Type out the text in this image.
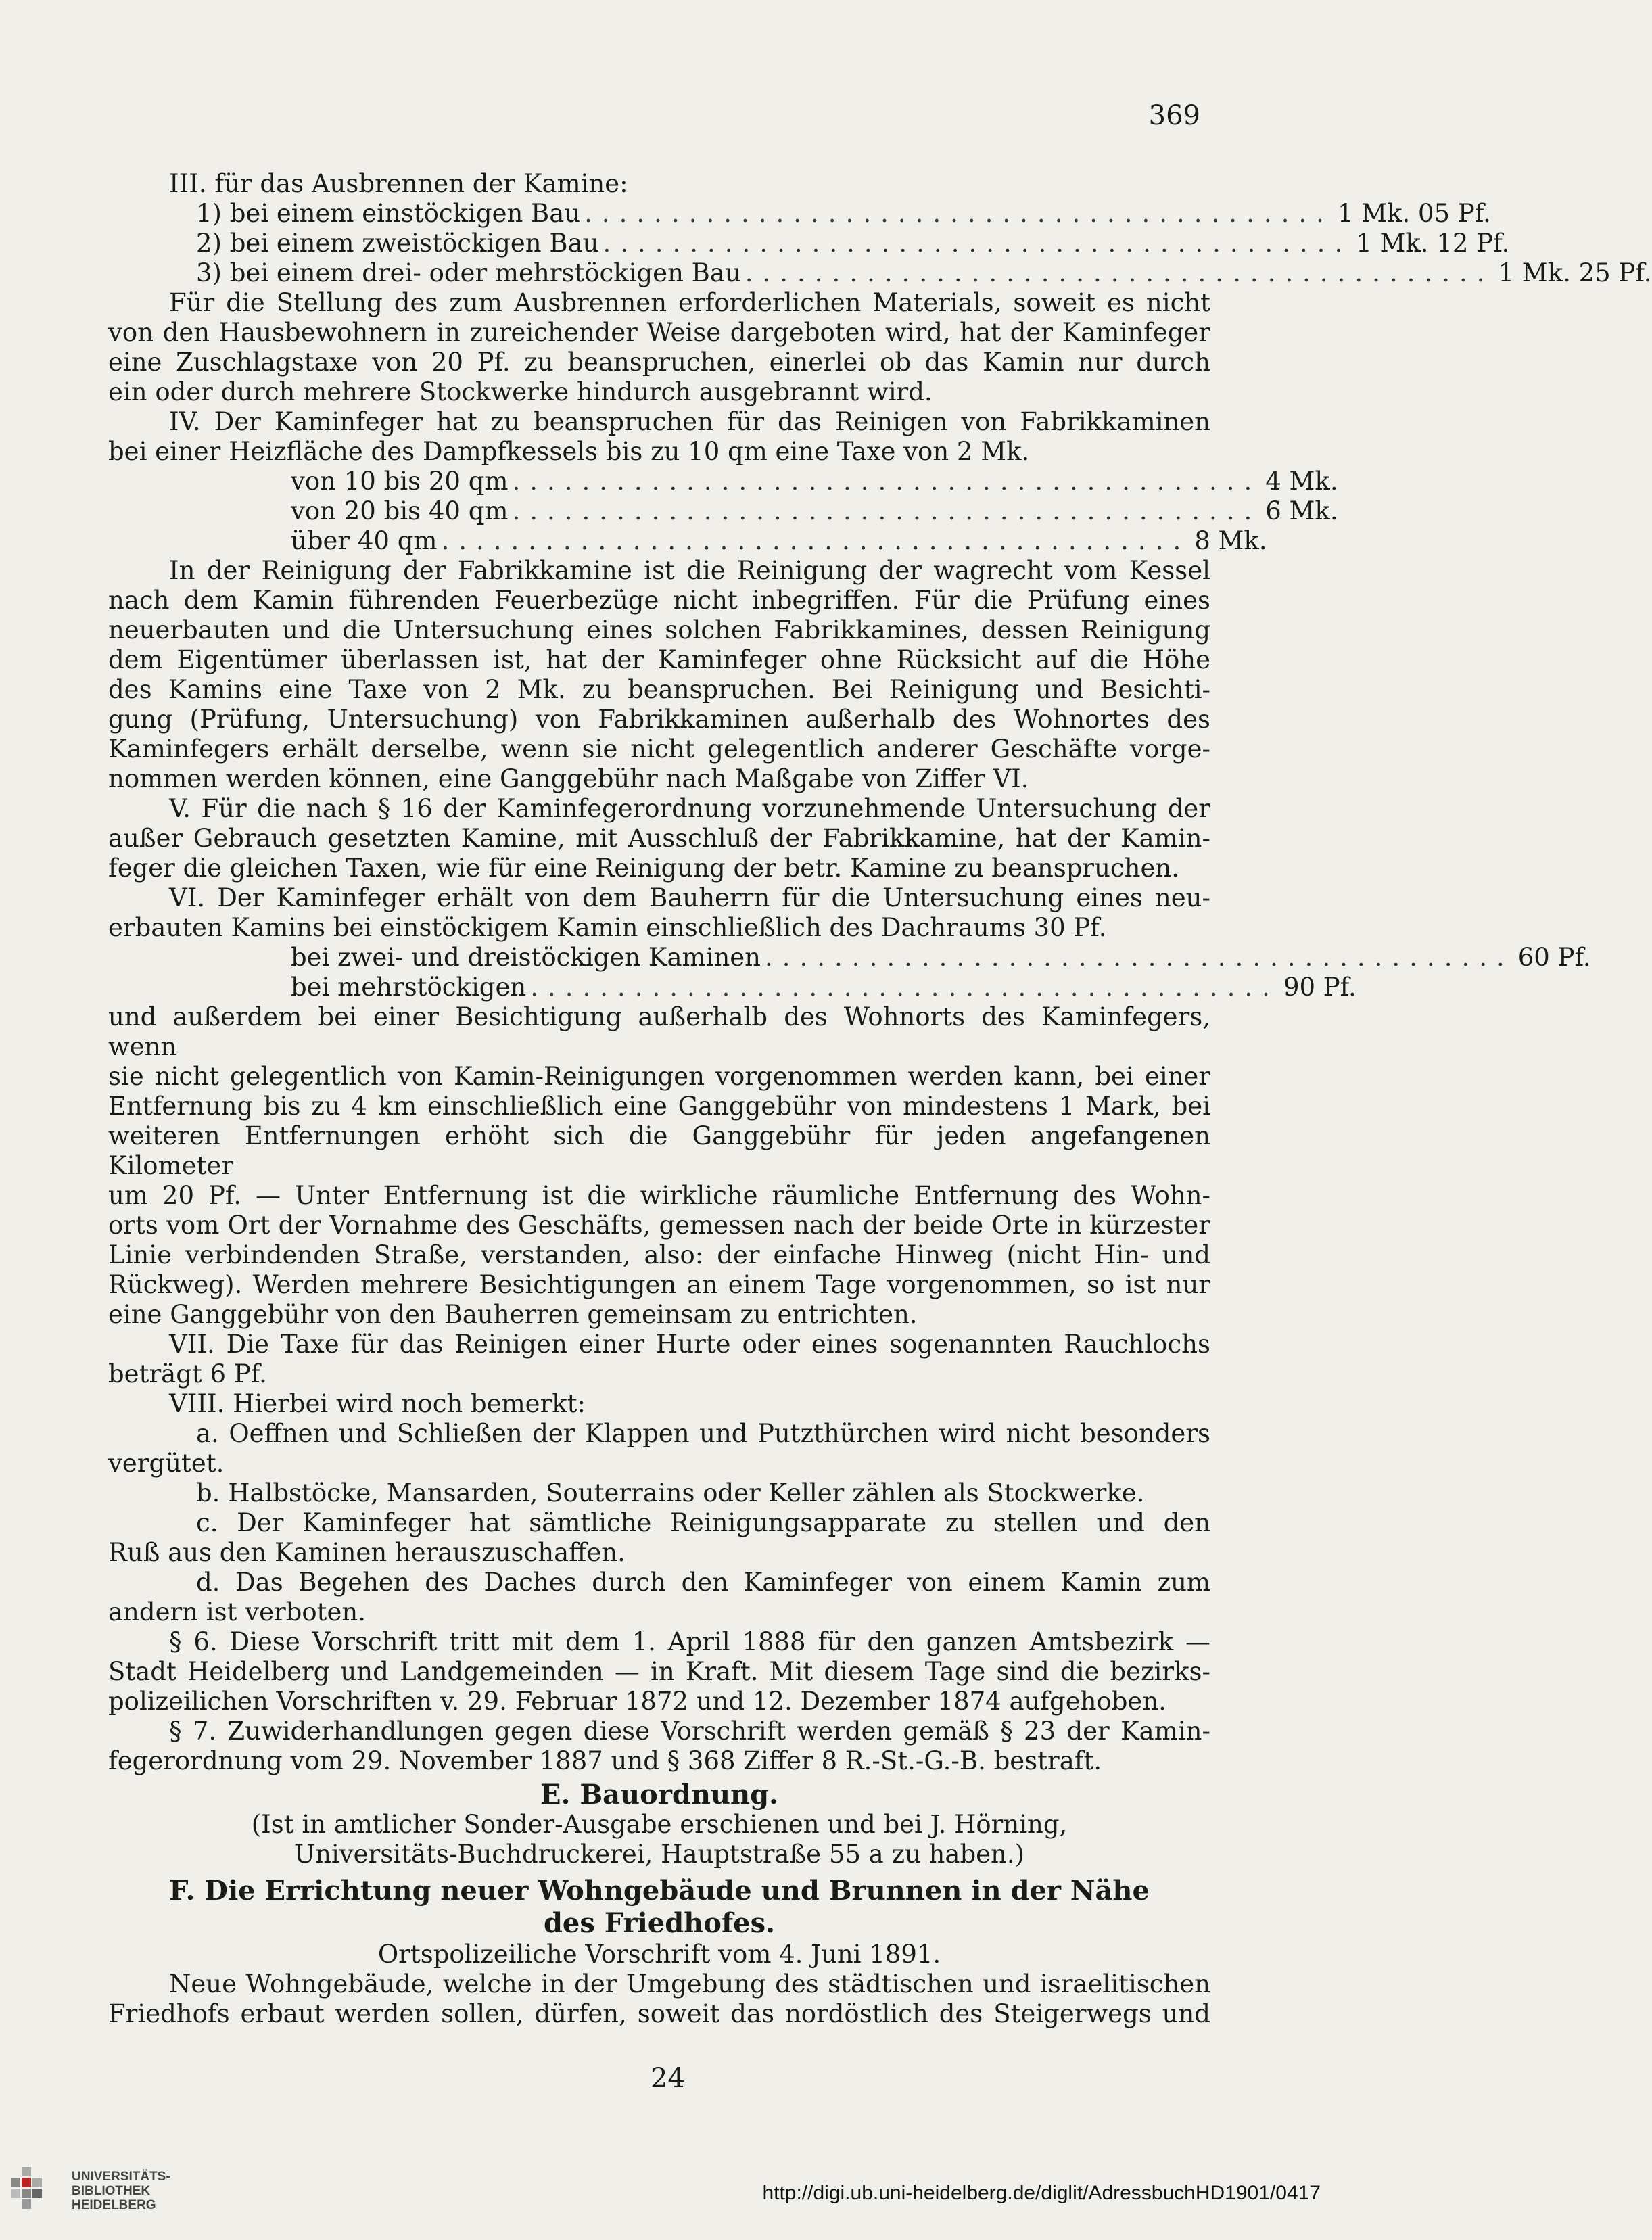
369
III. für das Ausbrennen der Kamine:
1) bei einem einstöckigen Bau ........................................... 1 Mk. 05 Pf.
2) bei einem zweistöckigen Bau ........................................... 1 Mk. 12 Pf.
3) bei einem drei- oder mehrstöckigen Bau ........................................... 1 Mk. 25 Pf.
Für die Stellung des zum Ausbrennen erforderlichen Materials, soweit es nicht
von den Hausbewohnern in zureichender Weise dargeboten wird, hat der Kaminfeger
eine Zuschlagstaxe von 20 Pf. zu beanspruchen, einerlei ob das Kamin nur durch
ein oder durch mehrere Stockwerke hindurch ausgebrannt wird.
IV. Der Kaminfeger hat zu beanspruchen für das Reinigen von Fabrikkaminen
bei einer Heizfläche des Dampfkessels bis zu 10 qm eine Taxe von 2 Mk.
von 10 bis 20 qm ........................................... 4 Mk.
von 20 bis 40 qm ........................................... 6 Mk.
über 40 qm ........................................... 8 Mk.
In der Reinigung der Fabrikkamine ist die Reinigung der wagrecht vom Kessel
nach dem Kamin führenden Feuerbezüge nicht inbegriffen. Für die Prüfung eines
neuerbauten und die Untersuchung eines solchen Fabrikkamines, dessen Reinigung
dem Eigentümer überlassen ist, hat der Kaminfeger ohne Rücksicht auf die Höhe
des Kamins eine Taxe von 2 Mk. zu beanspruchen. Bei Reinigung und Besichti-
gung (Prüfung, Untersuchung) von Fabrikkaminen außerhalb des Wohnortes des
Kaminfegers erhält derselbe, wenn sie nicht gelegentlich anderer Geschäfte vorge-
nommen werden können, eine Ganggebühr nach Maßgabe von Ziffer VI.
V. Für die nach § 16 der Kaminfegerordnung vorzunehmende Untersuchung der
außer Gebrauch gesetzten Kamine, mit Ausschluß der Fabrikkamine, hat der Kamin-
feger die gleichen Taxen, wie für eine Reinigung der betr. Kamine zu beanspruchen.
VI. Der Kaminfeger erhält von dem Bauherrn für die Untersuchung eines neu-
erbauten Kamins bei einstöckigem Kamin einschließlich des Dachraums 30 Pf.
bei zwei- und dreistöckigen Kaminen ........................................... 60 Pf.
bei mehrstöckigen ........................................... 90 Pf.
und außerdem bei einer Besichtigung außerhalb des Wohnorts des Kaminfegers, wenn
sie nicht gelegentlich von Kamin-Reinigungen vorgenommen werden kann, bei einer
Entfernung bis zu 4 km einschließlich eine Ganggebühr von mindestens 1 Mark, bei
weiteren Entfernungen erhöht sich die Ganggebühr für jeden angefangenen Kilometer
um 20 Pf. — Unter Entfernung ist die wirkliche räumliche Entfernung des Wohn-
orts vom Ort der Vornahme des Geschäfts, gemessen nach der beide Orte in kürzester
Linie verbindenden Straße, verstanden, also: der einfache Hinweg (nicht Hin- und
Rückweg). Werden mehrere Besichtigungen an einem Tage vorgenommen, so ist nur
eine Ganggebühr von den Bauherren gemeinsam zu entrichten.
VII. Die Taxe für das Reinigen einer Hurte oder eines sogenannten Rauchlochs
beträgt 6 Pf.
VIII. Hierbei wird noch bemerkt:
a. Oeffnen und Schließen der Klappen und Putzthürchen wird nicht besonders
vergütet.
b. Halbstöcke, Mansarden, Souterrains oder Keller zählen als Stockwerke.
c. Der Kaminfeger hat sämtliche Reinigungsapparate zu stellen und den
Ruß aus den Kaminen herauszuschaffen.
d. Das Begehen des Daches durch den Kaminfeger von einem Kamin zum
andern ist verboten.
§ 6. Diese Vorschrift tritt mit dem 1. April 1888 für den ganzen Amtsbezirk —
Stadt Heidelberg und Landgemeinden — in Kraft. Mit diesem Tage sind die bezirks-
polizeilichen Vorschriften v. 29. Februar 1872 und 12. Dezember 1874 aufgehoben.
§ 7. Zuwiderhandlungen gegen diese Vorschrift werden gemäß § 23 der Kamin-
fegerordnung vom 29. November 1887 und § 368 Ziffer 8 R.-St.-G.-B. bestraft.
E. Bauordnung.
(Ist in amtlicher Sonder-Ausgabe erschienen und bei J. Hörning,
Universitäts-Buchdruckerei, Hauptstraße 55 a zu haben.)
F. Die Errichtung neuer Wohngebäude und Brunnen in der Nähe
des Friedhofes.
Ortspolizeiliche Vorschrift vom 4. Juni 1891.
Neue Wohngebäude, welche in der Umgebung des städtischen und israelitischen
Friedhofs erbaut werden sollen, dürfen, soweit das nordöstlich des Steigerwegs und
24
UNIVERSITÄTS-
BIBLIOTHEK
HEIDELBERG
http://digi.ub.uni-heidelberg.de/diglit/AdressbuchHD1901/0417
